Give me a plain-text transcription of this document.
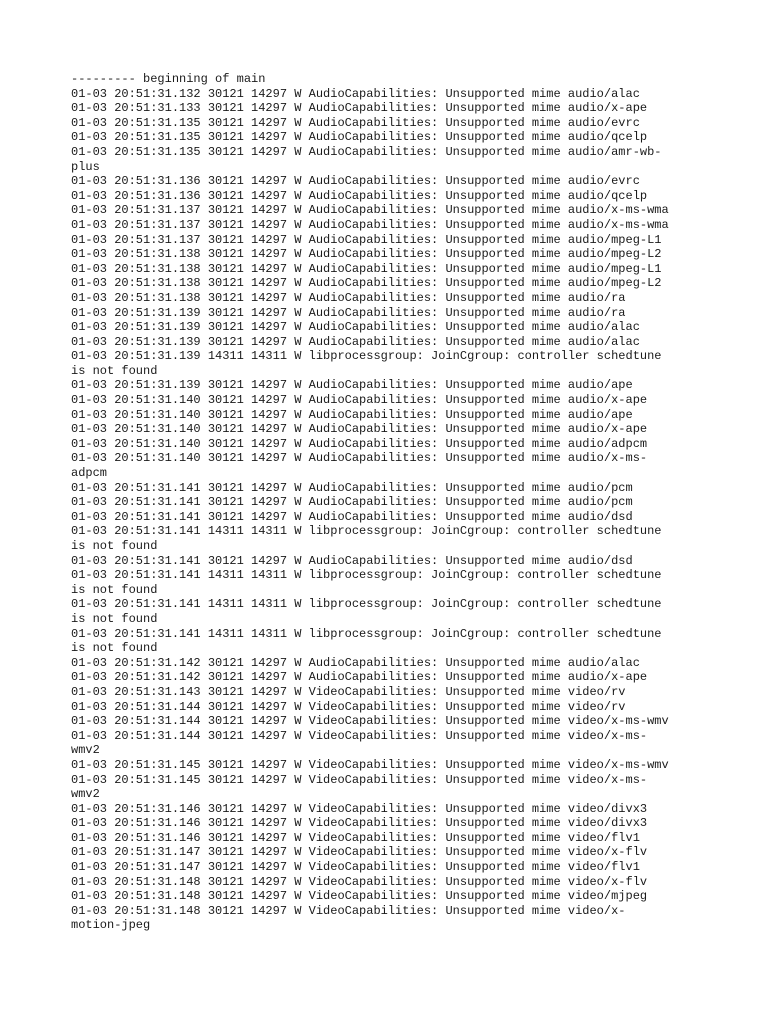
--------- beginning of main
01-03 20:51:31.132 30121 14297 W AudioCapabilities: Unsupported mime audio/alac
01-03 20:51:31.133 30121 14297 W AudioCapabilities: Unsupported mime audio/x-ape
01-03 20:51:31.135 30121 14297 W AudioCapabilities: Unsupported mime audio/evrc
01-03 20:51:31.135 30121 14297 W AudioCapabilities: Unsupported mime audio/qcelp
01-03 20:51:31.135 30121 14297 W AudioCapabilities: Unsupported mime audio/amr-wb-
plus
01-03 20:51:31.136 30121 14297 W AudioCapabilities: Unsupported mime audio/evrc
01-03 20:51:31.136 30121 14297 W AudioCapabilities: Unsupported mime audio/qcelp
01-03 20:51:31.137 30121 14297 W AudioCapabilities: Unsupported mime audio/x-ms-wma
01-03 20:51:31.137 30121 14297 W AudioCapabilities: Unsupported mime audio/x-ms-wma
01-03 20:51:31.137 30121 14297 W AudioCapabilities: Unsupported mime audio/mpeg-L1
01-03 20:51:31.138 30121 14297 W AudioCapabilities: Unsupported mime audio/mpeg-L2
01-03 20:51:31.138 30121 14297 W AudioCapabilities: Unsupported mime audio/mpeg-L1
01-03 20:51:31.138 30121 14297 W AudioCapabilities: Unsupported mime audio/mpeg-L2
01-03 20:51:31.138 30121 14297 W AudioCapabilities: Unsupported mime audio/ra
01-03 20:51:31.139 30121 14297 W AudioCapabilities: Unsupported mime audio/ra
01-03 20:51:31.139 30121 14297 W AudioCapabilities: Unsupported mime audio/alac
01-03 20:51:31.139 30121 14297 W AudioCapabilities: Unsupported mime audio/alac
01-03 20:51:31.139 14311 14311 W libprocessgroup: JoinCgroup: controller schedtune
is not found
01-03 20:51:31.139 30121 14297 W AudioCapabilities: Unsupported mime audio/ape
01-03 20:51:31.140 30121 14297 W AudioCapabilities: Unsupported mime audio/x-ape
01-03 20:51:31.140 30121 14297 W AudioCapabilities: Unsupported mime audio/ape
01-03 20:51:31.140 30121 14297 W AudioCapabilities: Unsupported mime audio/x-ape
01-03 20:51:31.140 30121 14297 W AudioCapabilities: Unsupported mime audio/adpcm
01-03 20:51:31.140 30121 14297 W AudioCapabilities: Unsupported mime audio/x-ms-
adpcm
01-03 20:51:31.141 30121 14297 W AudioCapabilities: Unsupported mime audio/pcm
01-03 20:51:31.141 30121 14297 W AudioCapabilities: Unsupported mime audio/pcm
01-03 20:51:31.141 30121 14297 W AudioCapabilities: Unsupported mime audio/dsd
01-03 20:51:31.141 14311 14311 W libprocessgroup: JoinCgroup: controller schedtune
is not found
01-03 20:51:31.141 30121 14297 W AudioCapabilities: Unsupported mime audio/dsd
01-03 20:51:31.141 14311 14311 W libprocessgroup: JoinCgroup: controller schedtune
is not found
01-03 20:51:31.141 14311 14311 W libprocessgroup: JoinCgroup: controller schedtune
is not found
01-03 20:51:31.141 14311 14311 W libprocessgroup: JoinCgroup: controller schedtune
is not found
01-03 20:51:31.142 30121 14297 W AudioCapabilities: Unsupported mime audio/alac
01-03 20:51:31.142 30121 14297 W AudioCapabilities: Unsupported mime audio/x-ape
01-03 20:51:31.143 30121 14297 W VideoCapabilities: Unsupported mime video/rv
01-03 20:51:31.144 30121 14297 W VideoCapabilities: Unsupported mime video/rv
01-03 20:51:31.144 30121 14297 W VideoCapabilities: Unsupported mime video/x-ms-wmv
01-03 20:51:31.144 30121 14297 W VideoCapabilities: Unsupported mime video/x-ms-
wmv2
01-03 20:51:31.145 30121 14297 W VideoCapabilities: Unsupported mime video/x-ms-wmv
01-03 20:51:31.145 30121 14297 W VideoCapabilities: Unsupported mime video/x-ms-
wmv2
01-03 20:51:31.146 30121 14297 W VideoCapabilities: Unsupported mime video/divx3
01-03 20:51:31.146 30121 14297 W VideoCapabilities: Unsupported mime video/divx3
01-03 20:51:31.146 30121 14297 W VideoCapabilities: Unsupported mime video/flv1
01-03 20:51:31.147 30121 14297 W VideoCapabilities: Unsupported mime video/x-flv
01-03 20:51:31.147 30121 14297 W VideoCapabilities: Unsupported mime video/flv1
01-03 20:51:31.148 30121 14297 W VideoCapabilities: Unsupported mime video/x-flv
01-03 20:51:31.148 30121 14297 W VideoCapabilities: Unsupported mime video/mjpeg
01-03 20:51:31.148 30121 14297 W VideoCapabilities: Unsupported mime video/x-
motion-jpeg
